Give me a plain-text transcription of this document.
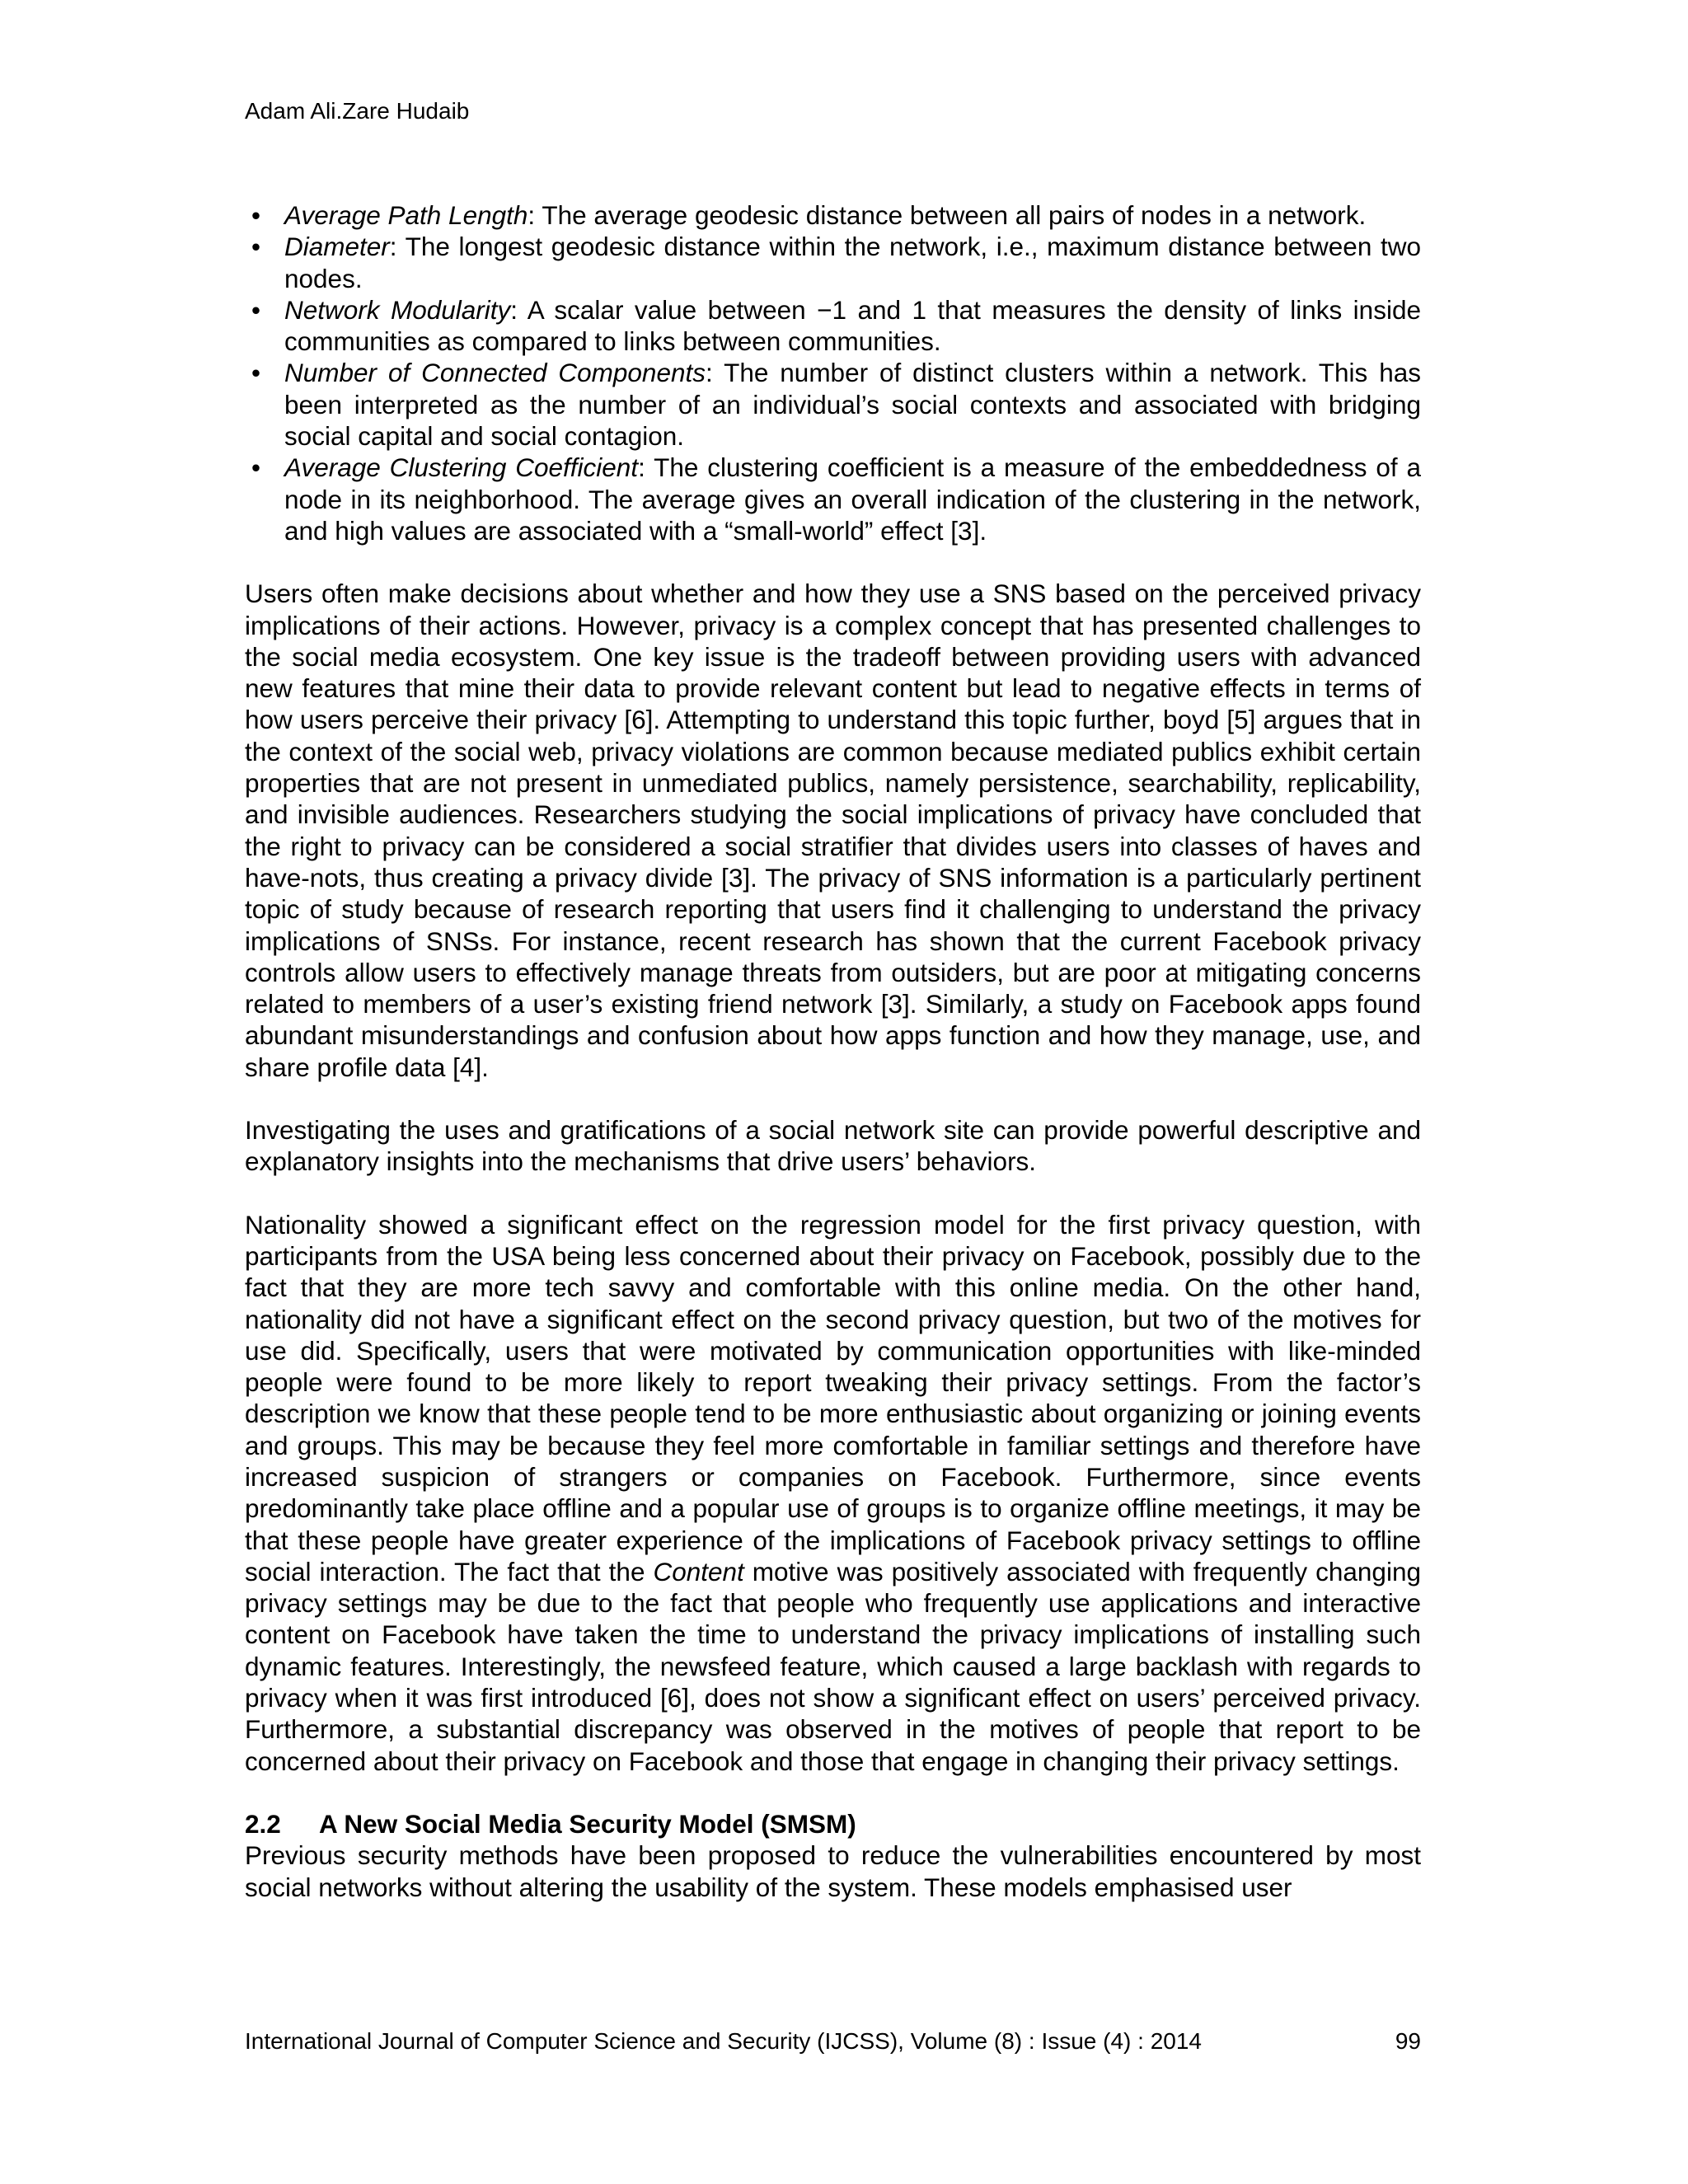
Adam Ali.Zare Hudaib
• Average Path Length: The average geodesic distance between all pairs of nodes in a network.
• Diameter: The longest geodesic distance within the network, i.e., maximum distance between two nodes.
• Network Modularity: A scalar value between −1 and 1 that measures the density of links inside communities as compared to links between communities.
• Number of Connected Components: The number of distinct clusters within a network. This has been interpreted as the number of an individual’s social contexts and associated with bridging social capital and social contagion.
• Average Clustering Coefficient: The clustering coefficient is a measure of the embeddedness of a node in its neighborhood. The average gives an overall indication of the clustering in the network, and high values are associated with a “small-world” effect [3].

Users often make decisions about whether and how they use a SNS based on the perceived privacy implications of their actions. However, privacy is a complex concept that has presented challenges to the social media ecosystem. One key issue is the tradeoff between providing users with advanced new features that mine their data to provide relevant content but lead to negative effects in terms of how users perceive their privacy [6]. Attempting to understand this topic further, boyd [5] argues that in the context of the social web, privacy violations are common because mediated publics exhibit certain properties that are not present in unmediated publics, namely persistence, searchability, replicability, and invisible audiences. Researchers studying the social implications of privacy have concluded that the right to privacy can be considered a social stratifier that divides users into classes of haves and have-nots, thus creating a privacy divide [3]. The privacy of SNS information is a particularly pertinent topic of study because of research reporting that users find it challenging to understand the privacy implications of SNSs. For instance, recent research has shown that the current Facebook privacy controls allow users to effectively manage threats from outsiders, but are poor at mitigating concerns related to members of a user’s existing friend network [3]. Similarly, a study on Facebook apps found abundant misunderstandings and confusion about how apps function and how they manage, use, and share profile data [4].

Investigating the uses and gratifications of a social network site can provide powerful descriptive and explanatory insights into the mechanisms that drive users’ behaviors.

Nationality showed a significant effect on the regression model for the first privacy question, with participants from the USA being less concerned about their privacy on Facebook, possibly due to the fact that they are more tech savvy and comfortable with this online media. On the other hand, nationality did not have a significant effect on the second privacy question, but two of the motives for use did. Specifically, users that were motivated by communication opportunities with like-minded people were found to be more likely to report tweaking their privacy settings. From the factor’s description we know that these people tend to be more enthusiastic about organizing or joining events and groups. This may be because they feel more comfortable in familiar settings and therefore have increased suspicion of strangers or companies on Facebook. Furthermore, since events predominantly take place offline and a popular use of groups is to organize offline meetings, it may be that these people have greater experience of the implications of Facebook privacy settings to offline social interaction. The fact that the Content motive was positively associated with frequently changing privacy settings may be due to the fact that people who frequently use applications and interactive content on Facebook have taken the time to understand the privacy implications of installing such dynamic features. Interestingly, the newsfeed feature, which caused a large backlash with regards to privacy when it was first introduced [6], does not show a significant effect on users’ perceived privacy. Furthermore, a substantial discrepancy was observed in the motives of people that report to be concerned about their privacy on Facebook and those that engage in changing their privacy settings.

2.2 A New Social Media Security Model (SMSM)

Previous security methods have been proposed to reduce the vulnerabilities encountered by most social networks without altering the usability of the system. These models emphasised user

International Journal of Computer Science and Security (IJCSS), Volume (8) : Issue (4) : 2014	99
